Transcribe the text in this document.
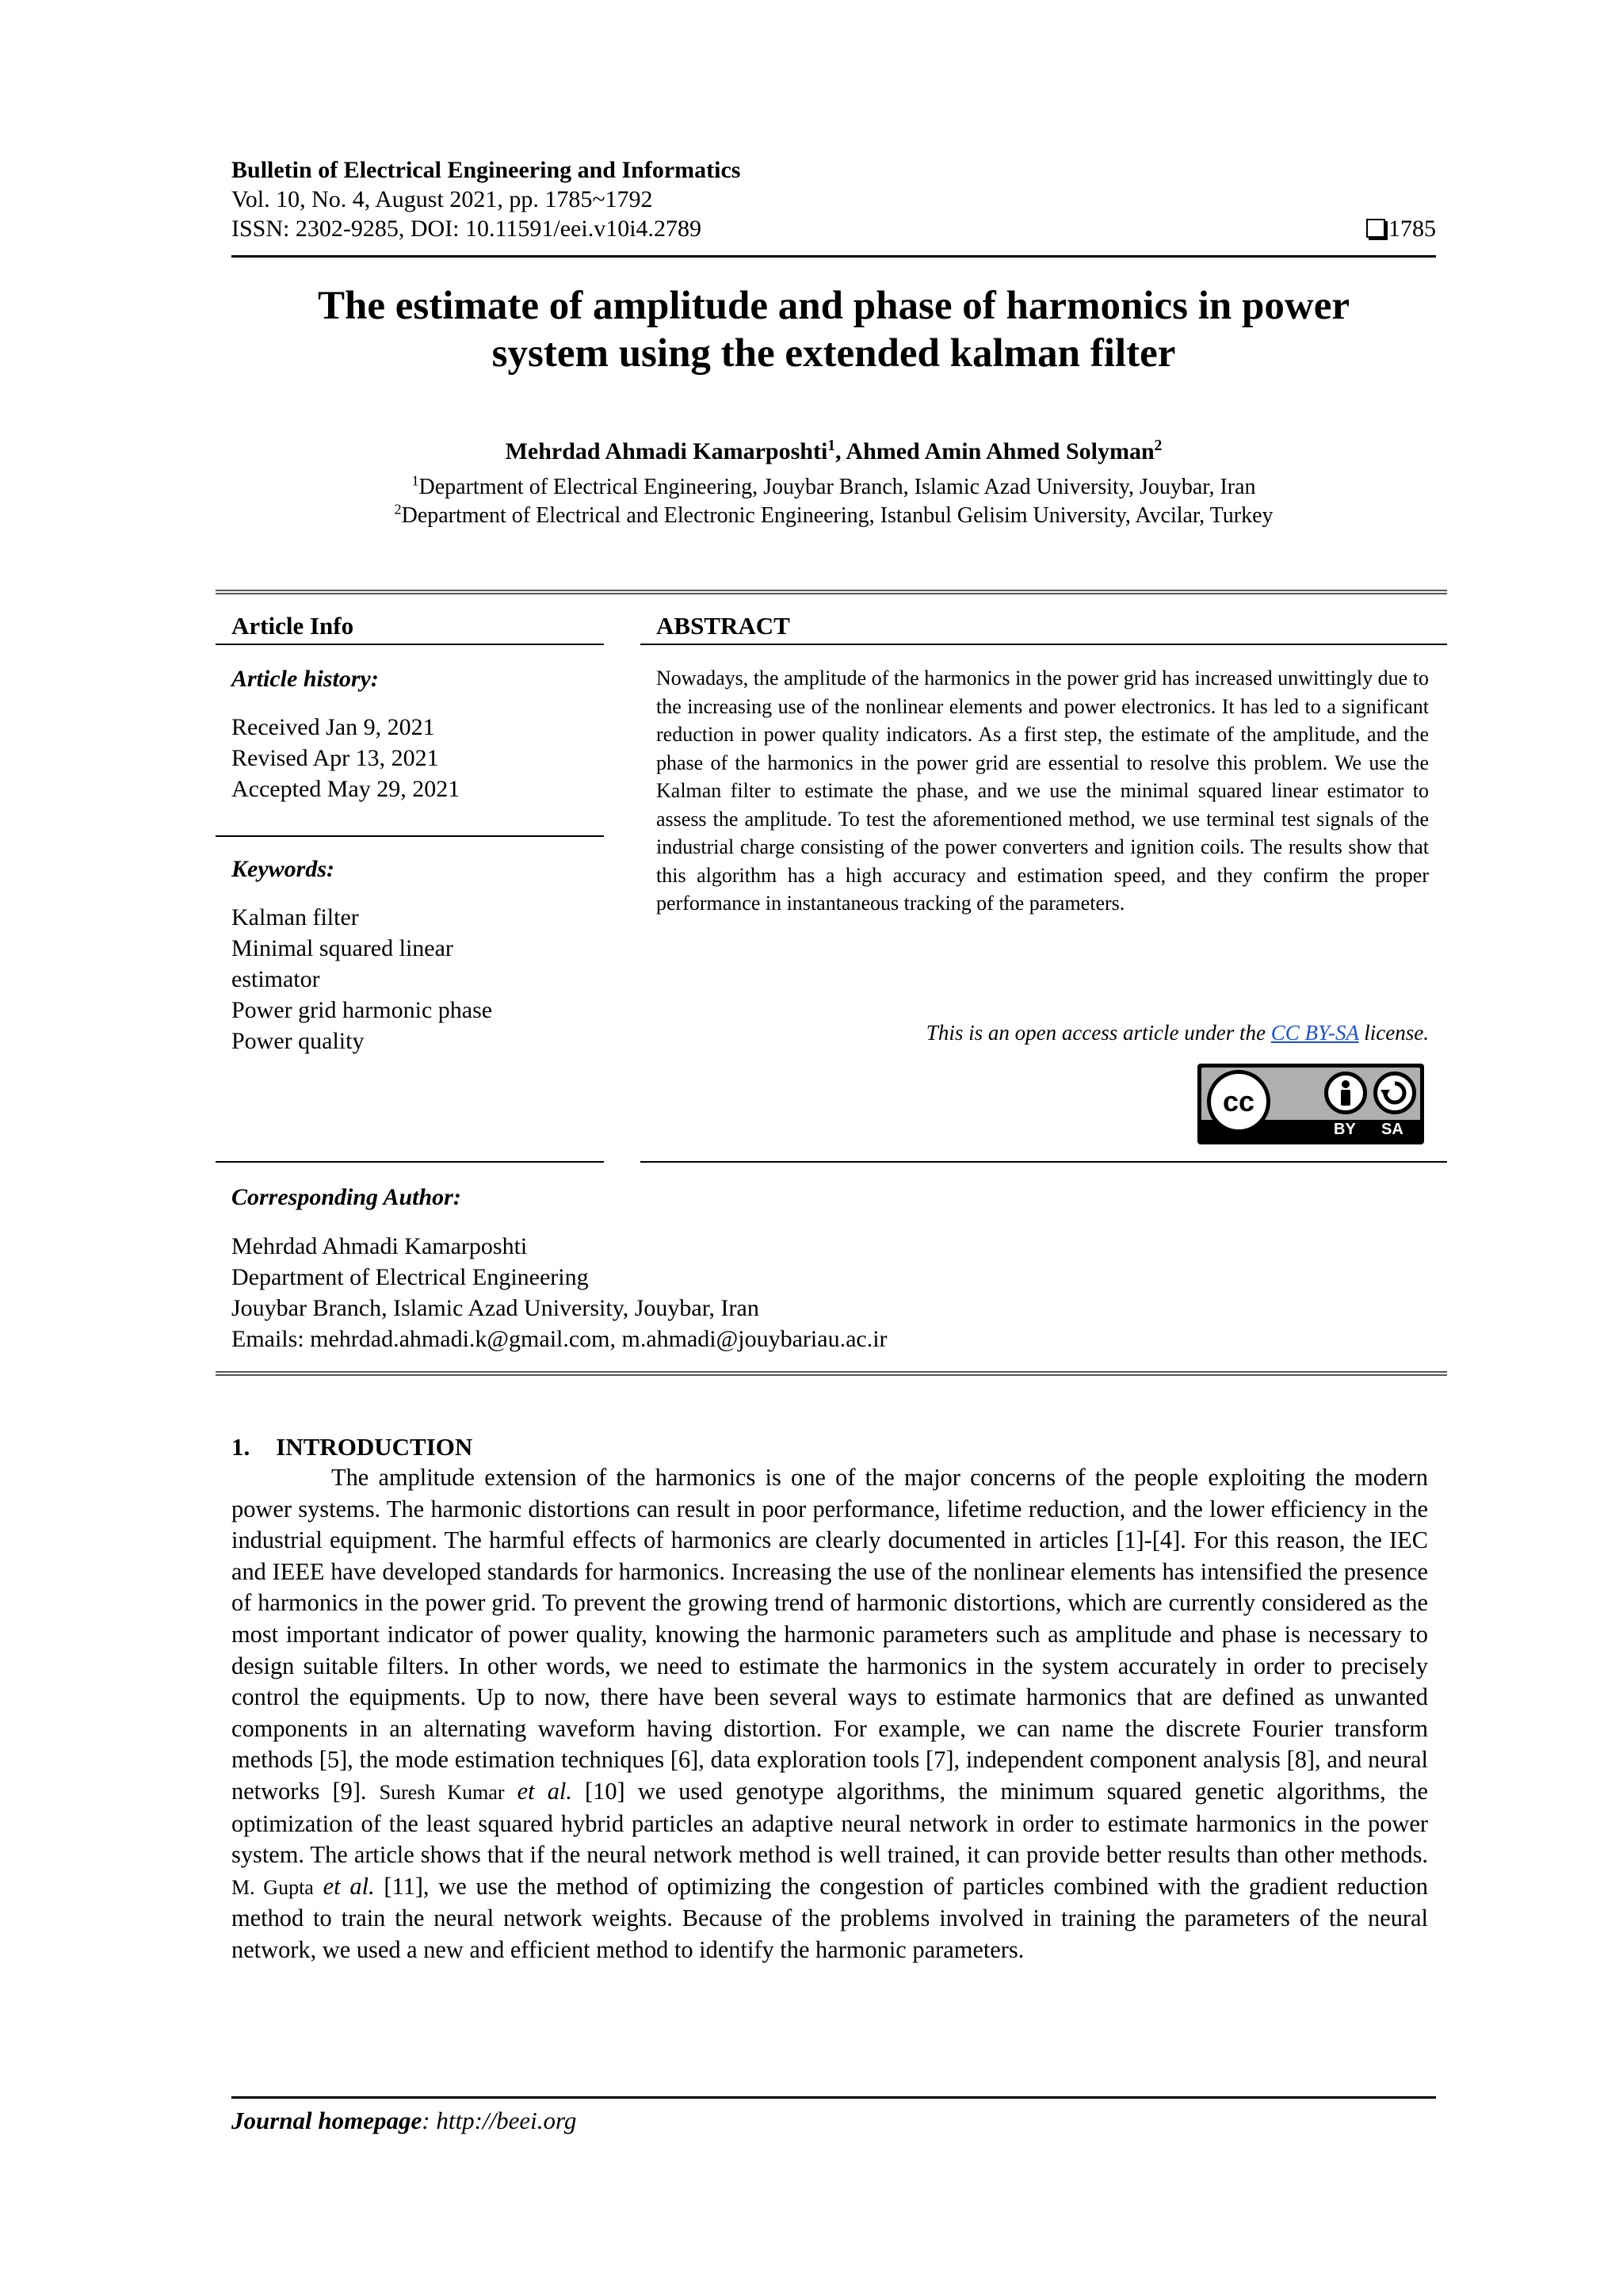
Bulletin of Electrical Engineering and Informatics
Vol. 10, No. 4, August 2021, pp. 1785~1792
ISSN: 2302-9285, DOI: 10.11591/eei.v10i4.2789	1785
The estimate of amplitude and phase of harmonics in power
system using the extended kalman filter
Mehrdad Ahmadi Kamarposhti$^1$, Ahmed Amin Ahmed Solyman$^2$
$^1$Department of Electrical Engineering, Jouybar Branch, Islamic Azad University, Jouybar, Iran
$^2$Department of Electrical and Electronic Engineering, Istanbul Gelisim University, Avcilar, Turkey
Article Info
Article history:
Received Jan 9, 2021
Revised Apr 13, 2021
Accepted May 29, 2021
Keywords:
Kalman filter
Minimal squared linear
estimator
Power grid harmonic phase
Power quality
ABSTRACT
Nowadays, the amplitude of the harmonics in the power grid has increased unwittingly due to the increasing use of the nonlinear elements and power electronics. It has led to a significant reduction in power quality indicators. As a first step, the estimate of the amplitude, and the phase of the harmonics in the power grid are essential to resolve this problem. We use the Kalman filter to estimate the phase, and we use the minimal squared linear estimator to assess the amplitude. To test the aforementioned method, we use terminal test signals of the industrial charge consisting of the power converters and ignition coils. The results show that this algorithm has a high accuracy and estimation speed, and they confirm the proper performance in instantaneous tracking of the parameters.
This is an open access article under the CC BY-SA license.
cc
BY SA
Corresponding Author:
Mehrdad Ahmadi Kamarposhti
Department of Electrical Engineering
Jouybar Branch, Islamic Azad University, Jouybar, Iran
Emails: mehrdad.ahmadi.k@gmail.com, m.ahmadi@jouybariau.ac.ir
1. INTRODUCTION
The amplitude extension of the harmonics is one of the major concerns of the people exploiting the modern power systems. The harmonic distortions can result in poor performance, lifetime reduction, and the lower efficiency in the industrial equipment. The harmful effects of harmonics are clearly documented in articles [1]-[4]. For this reason, the IEC and IEEE have developed standards for harmonics. Increasing the use of the nonlinear elements has intensified the presence of harmonics in the power grid. To prevent the growing trend of harmonic distortions, which are currently considered as the most important indicator of power quality, knowing the harmonic parameters such as amplitude and phase is necessary to design suitable filters. In other words, we need to estimate the harmonics in the system accurately in order to precisely control the equipments. Up to now, there have been several ways to estimate harmonics that are defined as unwanted components in an alternating waveform having distortion. For example, we can name the discrete Fourier transform methods [5], the mode estimation techniques [6], data exploration tools [7], independent component analysis [8], and neural networks [9]. Suresh Kumar et al. [10] we used genotype algorithms, the minimum squared genetic algorithms, the optimization of the least squared hybrid particles an adaptive neural network in order to estimate harmonics in the power system. The article shows that if the neural network method is well trained, it can provide better results than other methods. M. Gupta et al. [11], we use the method of optimizing the congestion of particles combined with the gradient reduction method to train the neural network weights. Because of the problems involved in training the parameters of the neural network, we used a new and efficient method to identify the harmonic parameters.
Journal homepage: http://beei.org
